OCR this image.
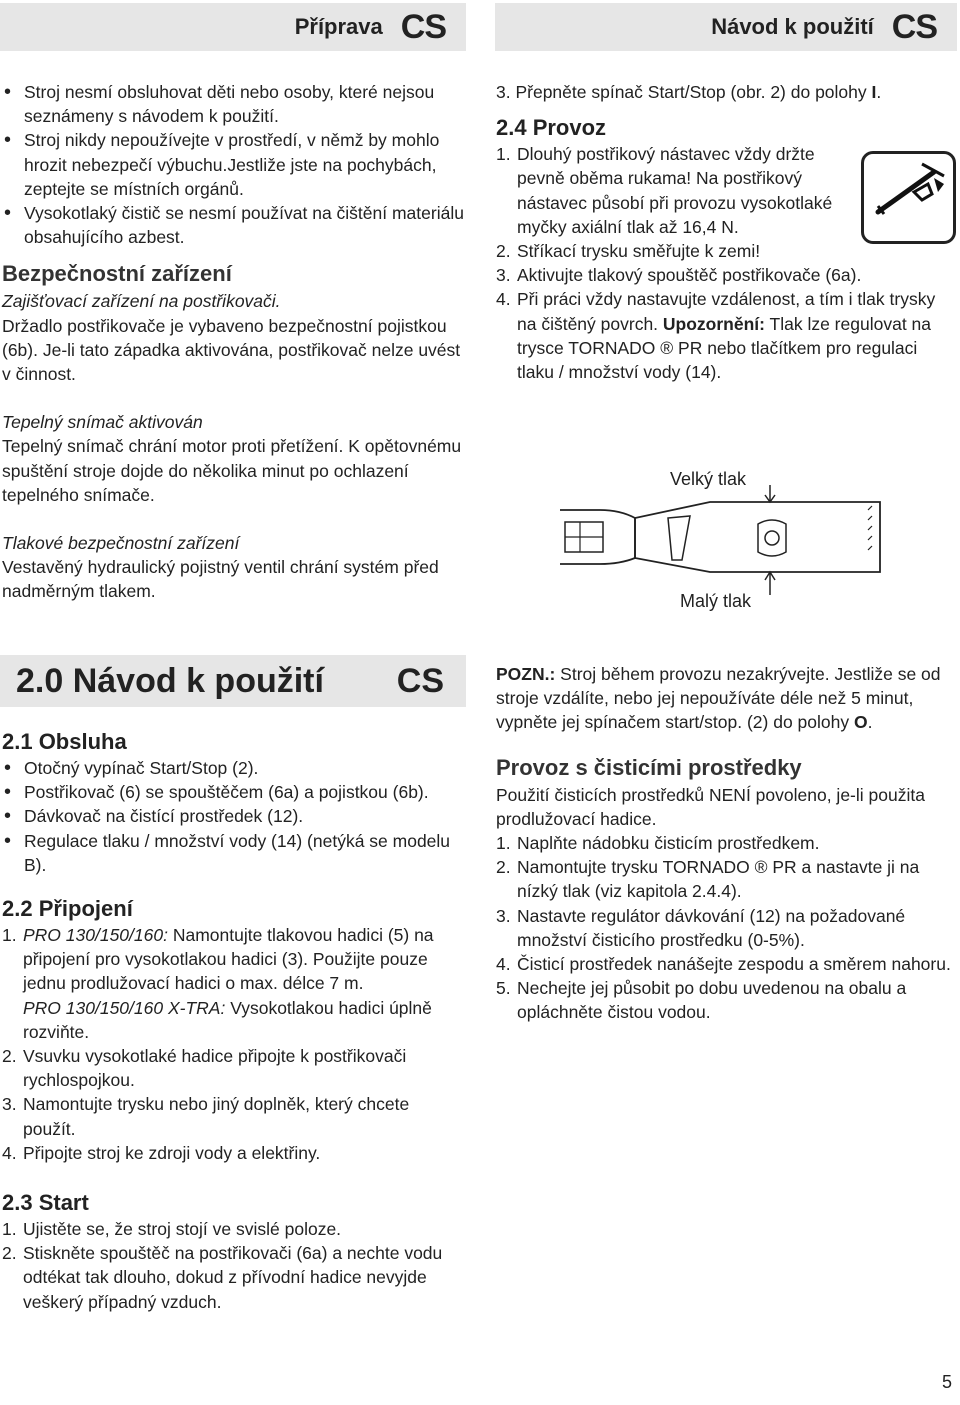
Příprava CS	Návod k použití CS
• Stroj nesmí obsluhovat děti nebo osoby, které nejsou seznámeny s návodem k použití.
• Stroj nikdy nepoužívejte v prostředí, v němž by mohlo hrozit nebezpečí výbuchu.Jestliže jste na pochybách, zeptejte se místních orgánů.
• Vysokotlaký čistič se nesmí používat na čištění materiálu obsahujícího azbest.
Bezpečnostní zařízení

Zajišťovací zařízení na postřikovači.

Držadlo postřikovače je vybaveno bezpečnostní pojistkou (6b). Je-li tato západka aktivována, postřikovač nelze uvést v činnost.

Tepelný snímač aktivován

Tepelný snímač chrání motor proti přetížení. K opětovnému spuštění stroje dojde do několika minut po ochlazení tepelného snímače.

Tlakové bezpečnostní zařízení

Vestavěný hydraulický pojistný ventil chrání systém před nadměrným tlakem.

3. Přepněte spínač Start/Stop (obr. 2) do polohy I.

2.4 Provoz
1. Dlouhý postřikový nástavec vždy držte pevně oběma rukama! Na postřikový nástavec působí při provozu vysokotlaké myčky axiální tlak až 16,4 N.
2. Stříkací trysku směřujte k zemi!
3. Aktivujte tlakový spouštěč postřikovače (6a).
4. Při práci vždy nastavujte vzdálenost, a tím i tlak trysky na čištěný povrch. Upozornění: Tlak lze regulovat na trysce TORNADO ® PR nebo tlačítkem pro regulaci tlaku / množství vody (14).
Velký tlak
Malý tlak
2.0 Návod k použití CS
2.1 Obsluha
• Otočný vypínač Start/Stop (2).
• Postřikovač (6) se spouštěčem (6a) a pojistkou (6b).
• Dávkovač na čistící prostředek (12).
• Regulace tlaku / množství vody (14) (netýká se modelu B).
2.2 Připojení
1. PRO 130/150/160: Namontujte tlakovou hadici (5) na připojení pro vysokotlakou hadici (3). Použijte pouze jednu prodlužovací hadici o max. délce 7 m.
PRO 130/150/160 X-TRA: Vysokotlakou hadici úplně rozviňte.
2. Vsuvku vysokotlaké hadice připojte k postřikovači rychlospojkou.
3. Namontujte trysku nebo jiný doplněk, který chcete použít.
4. Připojte stroj ke zdroji vody a elektřiny.
2.3 Start
1. Ujistěte se, že stroj stojí ve svislé poloze.
2. Stiskněte spouštěč na postřikovači (6a) a nechte vodu odtékat tak dlouho, dokud z přívodní hadice nevyjde veškerý případný vzduch.

POZN.: Stroj během provozu nezakrývejte. Jestliže se od stroje vzdálíte, nebo jej nepoužíváte déle než 5 minut, vypněte jej spínačem start/stop. (2) do polohy O.

Provoz s čisticími prostředky

Použití čisticích prostředků NENÍ povoleno, je-li použita prodlužovací hadice.

1. Naplňte nádobku čisticím prostředkem.
2. Namontujte trysku TORNADO ® PR a nastavte ji na nízký tlak (viz kapitola 2.4.4).
3. Nastavte regulátor dávkování (12) na požadované množství čisticího prostředku (0-5%).
4. Čisticí prostředek nanášejte zespodu a směrem nahoru.
5. Nechejte jej působit po dobu uvedenou na obalu a opláchněte čistou vodou.
5
